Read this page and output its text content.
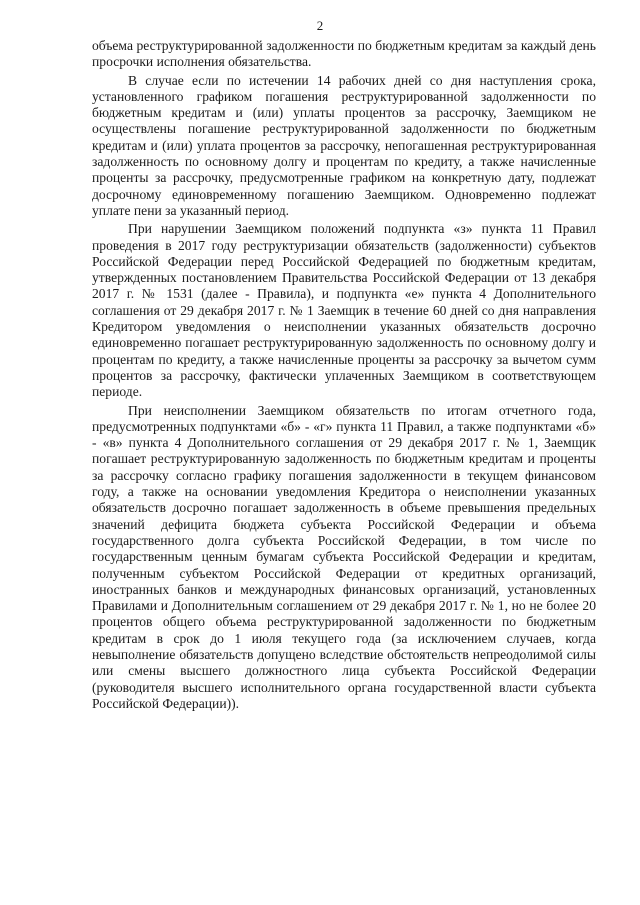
2

объема реструктурированной задолженности по бюджетным кредитам за каждый день просрочки исполнения обязательства.

В случае если по истечении 14 рабочих дней со дня наступления срока, установленного графиком погашения реструктурированной задолженности по бюджетным кредитам и (или) уплаты процентов за рассрочку, Заемщиком не осуществлены погашение реструктурированной задолженности по бюджетным кредитам и (или) уплата процентов за рассрочку, непогашенная реструктурированная задолженность по основному долгу и процентам по кредиту, а также начисленные проценты за рассрочку, предусмотренные графиком на конкретную дату, подлежат досрочному единовременному погашению Заемщиком. Одновременно подлежат уплате пени за указанный период.

При нарушении Заемщиком положений подпункта «з» пункта 11 Правил проведения в 2017 году реструктуризации обязательств (задолженности) субъектов Российской Федерации перед Российской Федерацией по бюджетным кредитам, утвержденных постановлением Правительства Российской Федерации от 13 декабря 2017 г. № 1531 (далее - Правила), и подпункта «е» пункта 4 Дополнительного соглашения от 29 декабря 2017 г. № 1 Заемщик в течение 60 дней со дня направления Кредитором уведомления о неисполнении указанных обязательств досрочно единовременно погашает реструктурированную задолженность по основному долгу и процентам по кредиту, а также начисленные проценты за рассрочку за вычетом сумм процентов за рассрочку, фактически уплаченных Заемщиком в соответствующем периоде.

При неисполнении Заемщиком обязательств по итогам отчетного года, предусмотренных подпунктами «б» - «г» пункта 11 Правил, а также подпунктами «б» - «в» пункта 4 Дополнительного соглашения от 29 декабря 2017 г. № 1, Заемщик погашает реструктурированную задолженность по бюджетным кредитам и проценты за рассрочку согласно графику погашения задолженности в текущем финансовом году, а также на основании уведомления Кредитора о неисполнении указанных обязательств досрочно погашает задолженность в объеме превышения предельных значений дефицита бюджета субъекта Российской Федерации и объема государственного долга субъекта Российской Федерации, в том числе по государственным ценным бумагам субъекта Российской Федерации и кредитам, полученным субъектом Российской Федерации от кредитных организаций, иностранных банков и международных финансовых организаций, установленных Правилами и Дополнительным соглашением от 29 декабря 2017 г. № 1, но не более 20 процентов общего объема реструктурированной задолженности по бюджетным кредитам в срок до 1 июля текущего года (за исключением случаев, когда невыполнение обязательств допущено вследствие обстоятельств непреодолимой силы или смены высшего должностного лица субъекта Российской Федерации (руководителя высшего исполнительного органа государственной власти субъекта Российской Федерации)).
